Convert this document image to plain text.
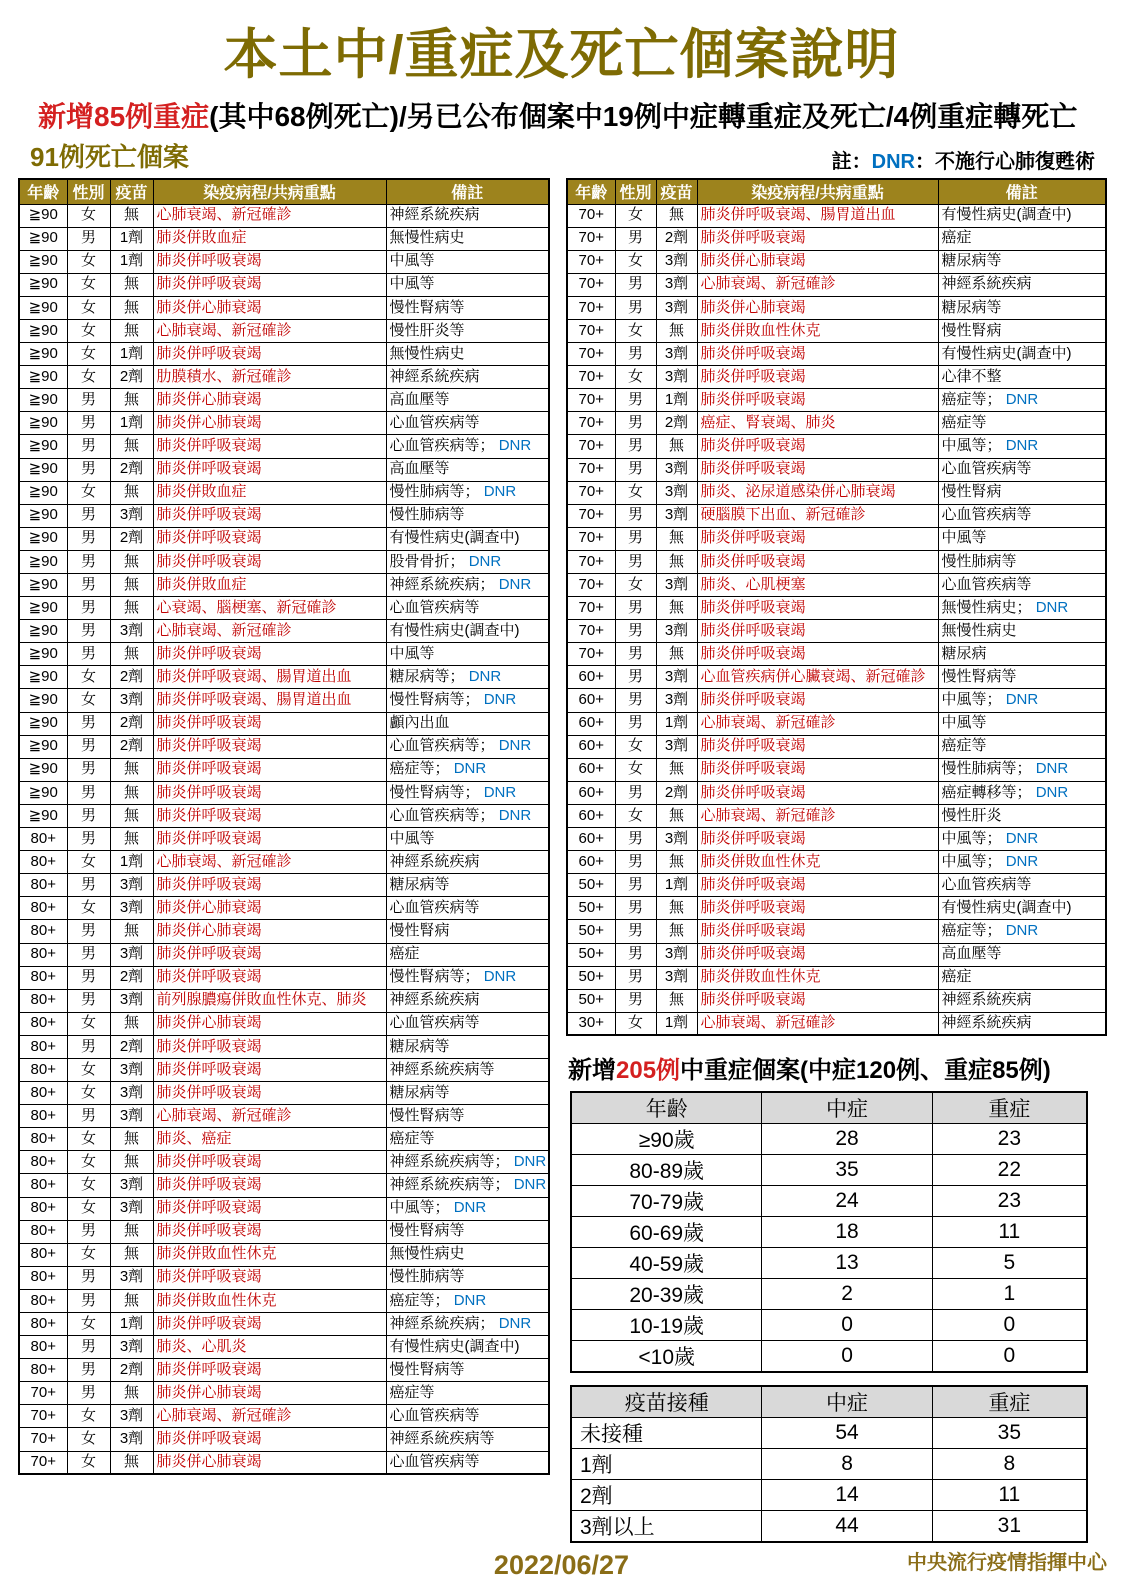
本土中/重症及死亡個案說明
新增85例重症(其中68例死亡)/另已公布個案中19例中症轉重症及死亡/4例重症轉死亡
91例死亡個案	註：DNR：不施行心肺復甦術
年齡	性別	疫苗	染疫病程/共病重點	備註
≧90	女	無	心肺衰竭、新冠確診	神經系統疾病
≧90	男	1劑	肺炎併敗血症	無慢性病史
≧90	女	1劑	肺炎併呼吸衰竭	中風等
≧90	女	無	肺炎併呼吸衰竭	中風等
≧90	女	無	肺炎併心肺衰竭	慢性腎病等
≧90	女	無	心肺衰竭、新冠確診	慢性肝炎等
≧90	女	1劑	肺炎併呼吸衰竭	無慢性病史
≧90	女	2劑	肋膜積水、新冠確診	神經系統疾病
≧90	男	無	肺炎併心肺衰竭	高血壓等
≧90	男	1劑	肺炎併心肺衰竭	心血管疾病等
≧90	男	無	肺炎併呼吸衰竭	心血管疾病等； DNR
≧90	男	2劑	肺炎併呼吸衰竭	高血壓等
≧90	女	無	肺炎併敗血症	慢性肺病等； DNR
≧90	男	3劑	肺炎併呼吸衰竭	慢性肺病等
≧90	男	2劑	肺炎併呼吸衰竭	有慢性病史(調查中)
≧90	男	無	肺炎併呼吸衰竭	股骨骨折； DNR
≧90	男	無	肺炎併敗血症	神經系統疾病； DNR
≧90	男	無	心衰竭、腦梗塞、新冠確診	心血管疾病等
≧90	男	3劑	心肺衰竭、新冠確診	有慢性病史(調查中)
≧90	男	無	肺炎併呼吸衰竭	中風等
≧90	女	2劑	肺炎併呼吸衰竭、腸胃道出血	糖尿病等； DNR
≧90	女	3劑	肺炎併呼吸衰竭、腸胃道出血	慢性腎病等； DNR
≧90	男	2劑	肺炎併呼吸衰竭	顱內出血
≧90	男	2劑	肺炎併呼吸衰竭	心血管疾病等； DNR
≧90	男	無	肺炎併呼吸衰竭	癌症等； DNR
≧90	男	無	肺炎併呼吸衰竭	慢性腎病等； DNR
≧90	男	無	肺炎併呼吸衰竭	心血管疾病等； DNR
80+	男	無	肺炎併呼吸衰竭	中風等
80+	女	1劑	心肺衰竭、新冠確診	神經系統疾病
80+	男	3劑	肺炎併呼吸衰竭	糖尿病等
80+	女	3劑	肺炎併心肺衰竭	心血管疾病等
80+	男	無	肺炎併心肺衰竭	慢性腎病
80+	男	3劑	肺炎併呼吸衰竭	癌症
80+	男	2劑	肺炎併呼吸衰竭	慢性腎病等； DNR
80+	男	3劑	前列腺膿瘍併敗血性休克、肺炎	神經系統疾病
80+	女	無	肺炎併心肺衰竭	心血管疾病等
80+	男	2劑	肺炎併呼吸衰竭	糖尿病等
80+	女	3劑	肺炎併呼吸衰竭	神經系統疾病等
80+	女	3劑	肺炎併呼吸衰竭	糖尿病等
80+	男	3劑	心肺衰竭、新冠確診	慢性腎病等
80+	女	無	肺炎、癌症	癌症等
80+	女	無	肺炎併呼吸衰竭	神經系統疾病等； DNR
80+	女	3劑	肺炎併呼吸衰竭	神經系統疾病等； DNR
80+	女	3劑	肺炎併呼吸衰竭	中風等； DNR
80+	男	無	肺炎併呼吸衰竭	慢性腎病等
80+	女	無	肺炎併敗血性休克	無慢性病史
80+	男	3劑	肺炎併呼吸衰竭	慢性肺病等
80+	男	無	肺炎併敗血性休克	癌症等； DNR
80+	女	1劑	肺炎併呼吸衰竭	神經系統疾病； DNR
80+	男	3劑	肺炎、心肌炎	有慢性病史(調查中)
80+	男	2劑	肺炎併呼吸衰竭	慢性腎病等
70+	男	無	肺炎併心肺衰竭	癌症等
70+	女	3劑	心肺衰竭、新冠確診	心血管疾病等
70+	女	3劑	肺炎併呼吸衰竭	神經系統疾病等
70+	女	無	肺炎併心肺衰竭	心血管疾病等
年齡	性別	疫苗	染疫病程/共病重點	備註
70+	女	無	肺炎併呼吸衰竭、腸胃道出血	有慢性病史(調查中)
70+	男	2劑	肺炎併呼吸衰竭	癌症
70+	女	3劑	肺炎併心肺衰竭	糖尿病等
70+	男	3劑	心肺衰竭、新冠確診	神經系統疾病
70+	男	3劑	肺炎併心肺衰竭	糖尿病等
70+	女	無	肺炎併敗血性休克	慢性腎病
70+	男	3劑	肺炎併呼吸衰竭	有慢性病史(調查中)
70+	女	3劑	肺炎併呼吸衰竭	心律不整
70+	男	1劑	肺炎併呼吸衰竭	癌症等； DNR
70+	男	2劑	癌症、腎衰竭、肺炎	癌症等
70+	男	無	肺炎併呼吸衰竭	中風等； DNR
70+	男	3劑	肺炎併呼吸衰竭	心血管疾病等
70+	女	3劑	肺炎、泌尿道感染併心肺衰竭	慢性腎病
70+	男	3劑	硬腦膜下出血、新冠確診	心血管疾病等
70+	男	無	肺炎併呼吸衰竭	中風等
70+	男	無	肺炎併呼吸衰竭	慢性肺病等
70+	女	3劑	肺炎、心肌梗塞	心血管疾病等
70+	男	無	肺炎併呼吸衰竭	無慢性病史； DNR
70+	男	3劑	肺炎併呼吸衰竭	無慢性病史
70+	男	無	肺炎併呼吸衰竭	糖尿病
60+	男	3劑	心血管疾病併心臟衰竭、新冠確診	慢性腎病等
60+	男	3劑	肺炎併呼吸衰竭	中風等； DNR
60+	男	1劑	心肺衰竭、新冠確診	中風等
60+	女	3劑	肺炎併呼吸衰竭	癌症等
60+	女	無	肺炎併呼吸衰竭	慢性肺病等； DNR
60+	男	2劑	肺炎併呼吸衰竭	癌症轉移等； DNR
60+	女	無	心肺衰竭、新冠確診	慢性肝炎
60+	男	3劑	肺炎併呼吸衰竭	中風等； DNR
60+	男	無	肺炎併敗血性休克	中風等； DNR
50+	男	1劑	肺炎併呼吸衰竭	心血管疾病等
50+	男	無	肺炎併呼吸衰竭	有慢性病史(調查中)
50+	男	無	肺炎併呼吸衰竭	癌症等； DNR
50+	男	3劑	肺炎併呼吸衰竭	高血壓等
50+	男	3劑	肺炎併敗血性休克	癌症
50+	男	無	肺炎併呼吸衰竭	神經系統疾病
30+	女	1劑	心肺衰竭、新冠確診	神經系統疾病
新增205例中重症個案(中症120例、重症85例)
年齡	中症	重症
≥90歲	28	23
80-89歲	35	22
70-79歲	24	23
60-69歲	18	11
40-59歲	13	5
20-39歲	2	1
10-19歲	0	0
<10歲	0	0
疫苗接種	中症	重症
未接種	54	35
1劑	8	8
2劑	14	11
3劑以上	44	31
2022/06/27	中央流行疫情指揮中心
